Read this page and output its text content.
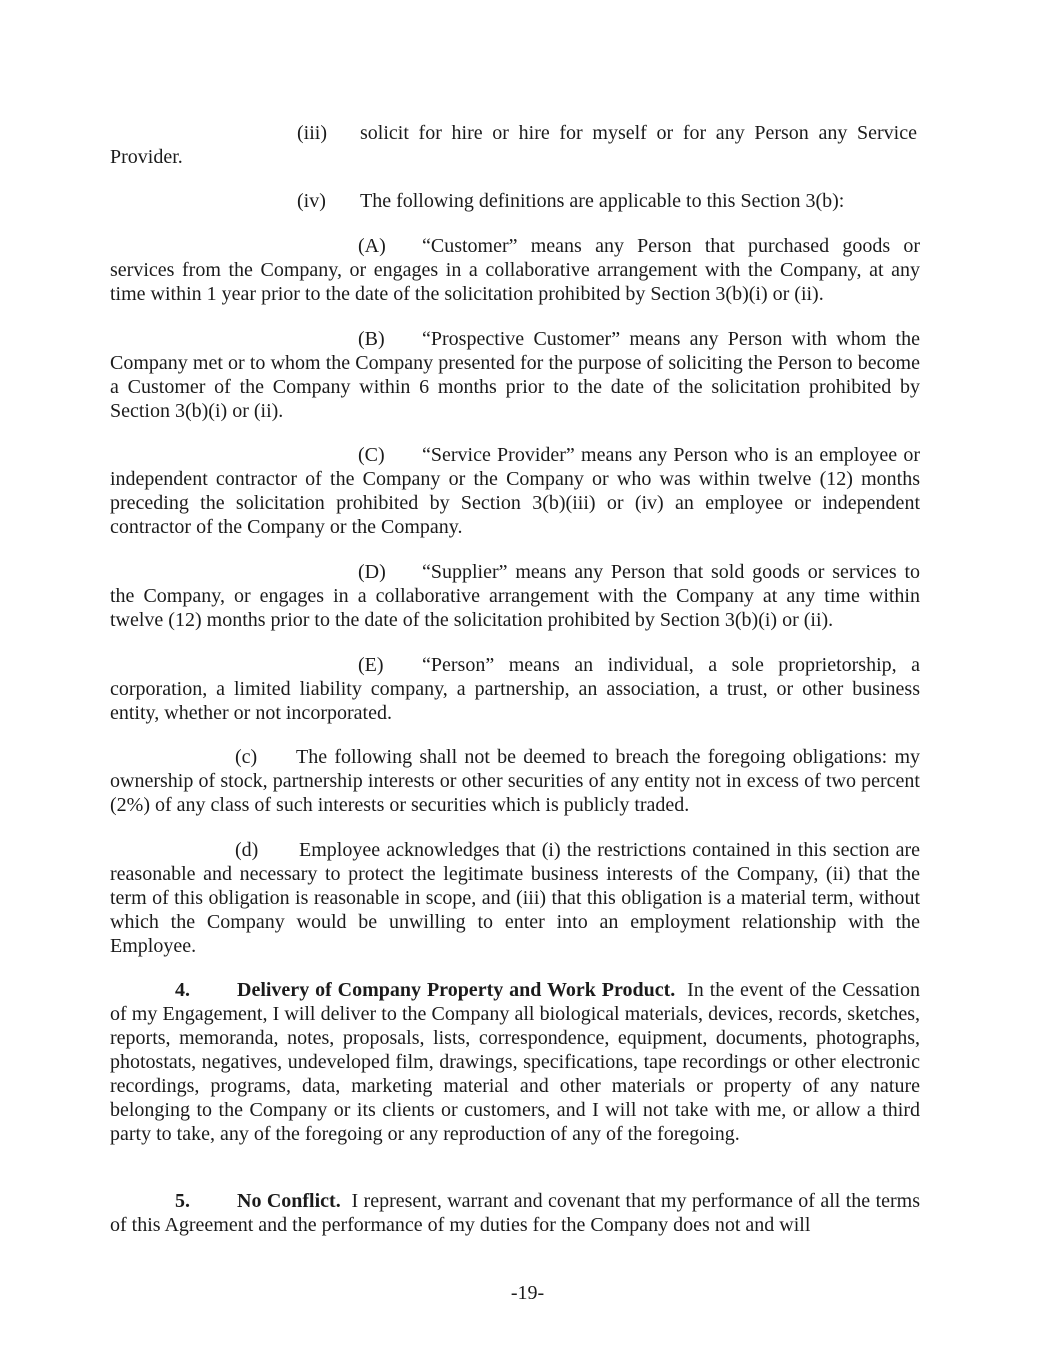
(iii) solicit for hire or hire for myself or for any Person any Service
Provider.
(iv) The following definitions are applicable to this Section 3(b):
(A) “Customer” means any Person that purchased goods or services from the Company, or engages in a collaborative arrangement with the Company, at any time within 1 year prior to the date of the solicitation prohibited by Section 3(b)(i) or (ii).
(B) “Prospective Customer” means any Person with whom the Company met or to whom the Company presented for the purpose of soliciting the Person to become a Customer of the Company within 6 months prior to the date of the solicitation prohibited by Section 3(b)(i) or (ii).
(C) “Service Provider” means any Person who is an employee or independent contractor of the Company or the Company or who was within twelve (12) months preceding the solicitation prohibited by Section 3(b)(iii) or (iv) an employee or independent contractor of the Company or the Company.
(D) “Supplier” means any Person that sold goods or services to the Company, or engages in a collaborative arrangement with the Company at any time within twelve (12) months prior to the date of the solicitation prohibited by Section 3(b)(i) or (ii).
(E) “Person” means an individual, a sole proprietorship, a corporation, a limited liability company, a partnership, an association, a trust, or other business entity, whether or not incorporated.
(c) The following shall not be deemed to breach the foregoing obligations: my ownership of stock, partnership interests or other securities of any entity not in excess of two percent (2%) of any class of such interests or securities which is publicly traded.
(d) Employee acknowledges that (i) the restrictions contained in this section are reasonable and necessary to protect the legitimate business interests of the Company, (ii) that the term of this obligation is reasonable in scope, and (iii) that this obligation is a material term, without which the Company would be unwilling to enter into an employment relationship with the Employee.
4. Delivery of Company Property and Work Product. In the event of the Cessation of my Engagement, I will deliver to the Company all biological materials, devices, records, sketches, reports, memoranda, notes, proposals, lists, correspondence, equipment, documents, photographs, photostats, negatives, undeveloped film, drawings, specifications, tape recordings or other electronic recordings, programs, data, marketing material and other materials or property of any nature belonging to the Company or its clients or customers, and I will not take with me, or allow a third party to take, any of the foregoing or any reproduction of any of the foregoing.
5. No Conflict. I represent, warrant and covenant that my performance of all the terms of this Agreement and the performance of my duties for the Company does not and will
-19-
